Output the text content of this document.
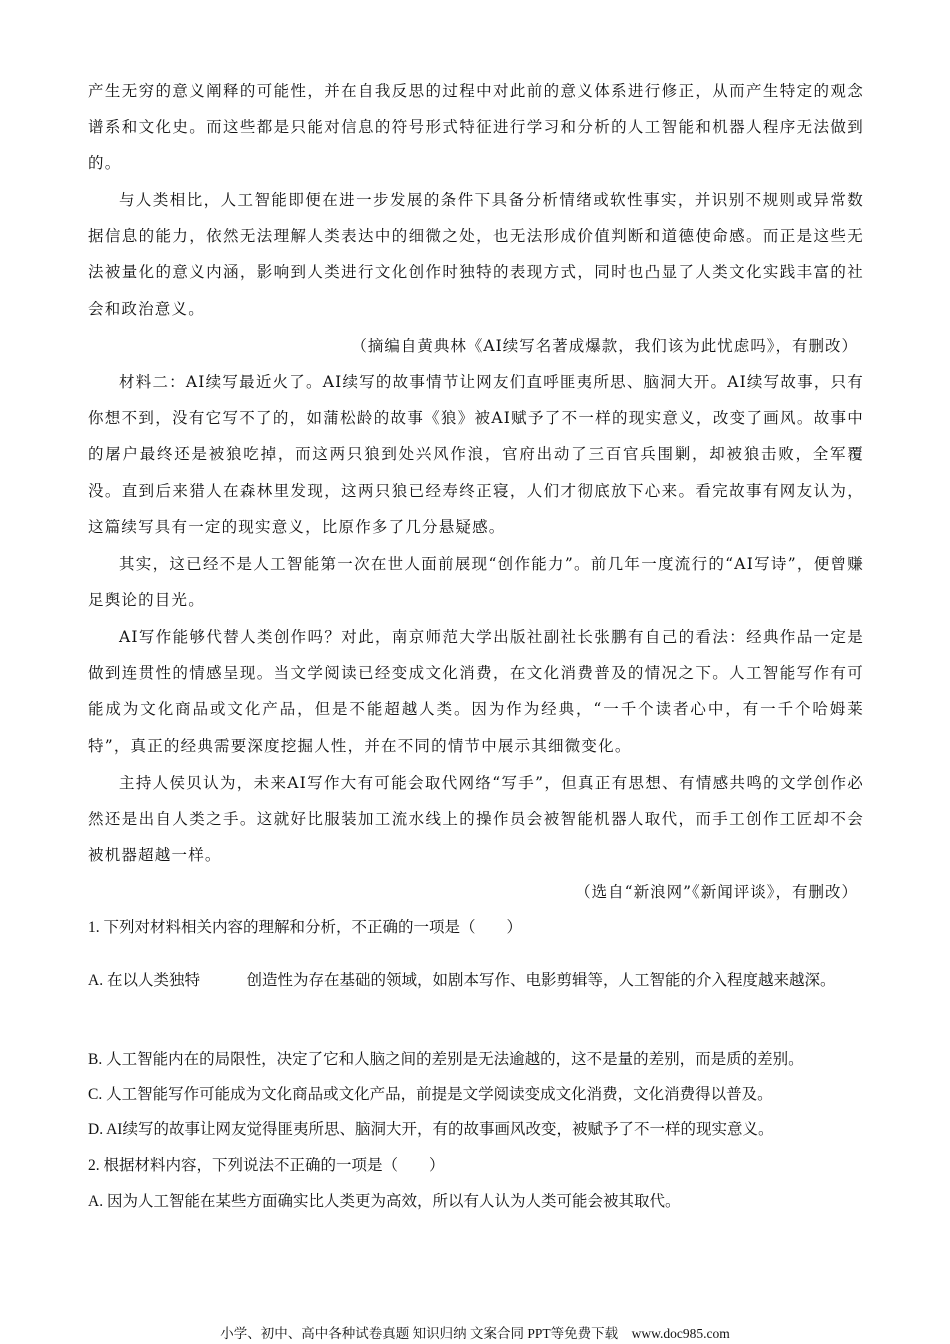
产生无穷的意义阐释的可能性，并在自我反思的过程中对此前的意义体系进行修正，从而产生特定的观念谱系和文化史。而这些都是只能对信息的符号形式特征进行学习和分析的人工智能和机器人程序无法做到的。

与人类相比，人工智能即便在进一步发展的条件下具备分析情绪或软性事实，并识别不规则或异常数据信息的能力，依然无法理解人类表达中的细微之处，也无法形成价值判断和道德使命感。而正是这些无法被量化的意义内涵，影响到人类进行文化创作时独特的表现方式，同时也凸显了人类文化实践丰富的社会和政治意义。

（摘编自黄典林《AI续写名著成爆款，我们该为此忧虑吗》，有删改）

材料二：AI续写最近火了。AI续写的故事情节让网友们直呼匪夷所思、脑洞大开。AI续写故事，只有你想不到，没有它写不了的，如蒲松龄的故事《狼》被AI赋予了不一样的现实意义，改变了画风。故事中的屠户最终还是被狼吃掉，而这两只狼到处兴风作浪，官府出动了三百官兵围剿，却被狼击败，全军覆没。直到后来猎人在森林里发现，这两只狼已经寿终正寝，人们才彻底放下心来。看完故事有网友认为，这篇续写具有一定的现实意义，比原作多了几分悬疑感。

其实，这已经不是人工智能第一次在世人面前展现“创作能力”。前几年一度流行的“AI写诗”，便曾赚足舆论的目光。

AI写作能够代替人类创作吗？对此，南京师范大学出版社副社长张鹏有自己的看法：经典作品一定是做到连贯性的情感呈现。当文学阅读已经变成文化消费，在文化消费普及的情况之下。人工智能写作有可能成为文化商品或文化产品，但是不能超越人类。因为作为经典，“一千个读者心中，有一千个哈姆莱特”，真正的经典需要深度挖掘人性，并在不同的情节中展示其细微变化。

主持人侯贝认为，未来AI写作大有可能会取代网络“写手”，但真正有思想、有情感共鸣的文学创作必然还是出自人类之手。这就好比服装加工流水线上的操作员会被智能机器人取代，而手工创作工匠却不会被机器超越一样。

（选自“新浪网”《新闻评谈》，有删改）

1. 下列对材料相关内容的理解和分析，不正确的一项是（　　）

A. 在以人类独特　　　创造性为存在基础的领域，如剧本写作、电影剪辑等，人工智能的介入程度越来越深。

B. 人工智能内在的局限性，决定了它和人脑之间的差别是无法逾越的，这不是量的差别，而是质的差别。

C. 人工智能写作可能成为文化商品或文化产品，前提是文学阅读变成文化消费，文化消费得以普及。

D. AI续写的故事让网友觉得匪夷所思、脑洞大开，有的故事画风改变，被赋予了不一样的现实意义。

2. 根据材料内容，下列说法不正确的一项是（　　）

A. 因为人工智能在某些方面确实比人类更为高效，所以有人认为人类可能会被其取代。

小学、初中、高中各种试卷真题 知识归纳 文案合同 PPT等免费下载　www.doc985.com
